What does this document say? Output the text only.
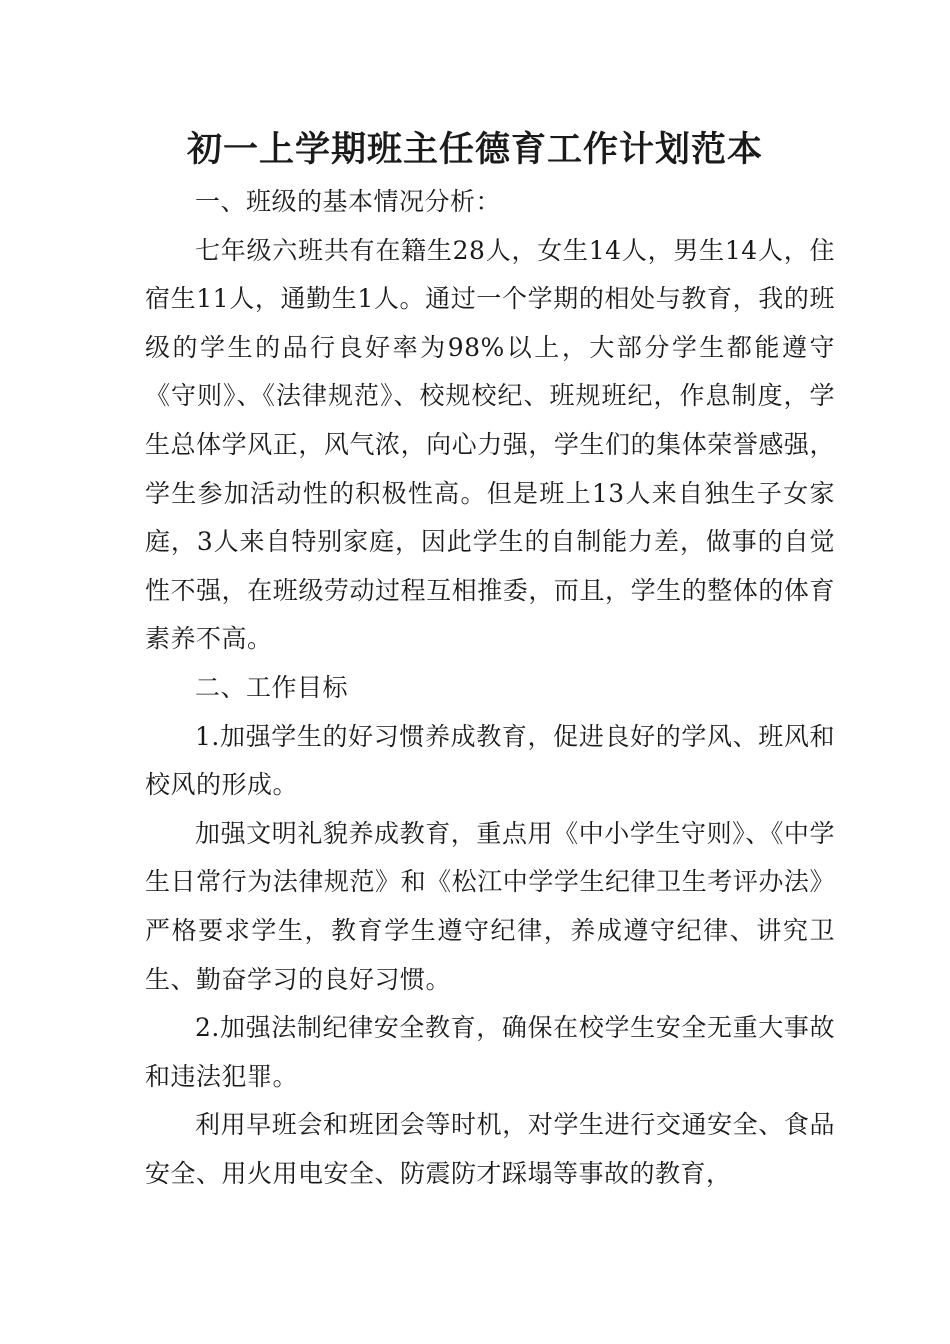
初一上学期班主任德育工作计划范本

一、班级的基本情况分析：

七年级六班共有在籍生28人，女生14人，男生14人，住宿生11人，通勤生1人。通过一个学期的相处与教育，我的班级的学生的品行良好率为98%以上，大部分学生都能遵守《守则》、《法律规范》、校规校纪、班规班纪，作息制度，学生总体学风正，风气浓，向心力强，学生们的集体荣誉感强，学生参加活动性的积极性高。但是班上13人来自独生子女家庭，3人来自特别家庭，因此学生的自制能力差，做事的自觉性不强，在班级劳动过程互相推委，而且，学生的整体的体育素养不高。

二、工作目标

1.加强学生的好习惯养成教育，促进良好的学风、班风和校风的形成。

加强文明礼貌养成教育，重点用《中小学生守则》、《中学生日常行为法律规范》和《松江中学学生纪律卫生考评办法》严格要求学生，教育学生遵守纪律，养成遵守纪律、讲究卫生、勤奋学习的良好习惯。

2.加强法制纪律安全教育，确保在校学生安全无重大事故和违法犯罪。

利用早班会和班团会等时机，对学生进行交通安全、食品安全、用火用电安全、防震防才踩塌等事故的教育，
